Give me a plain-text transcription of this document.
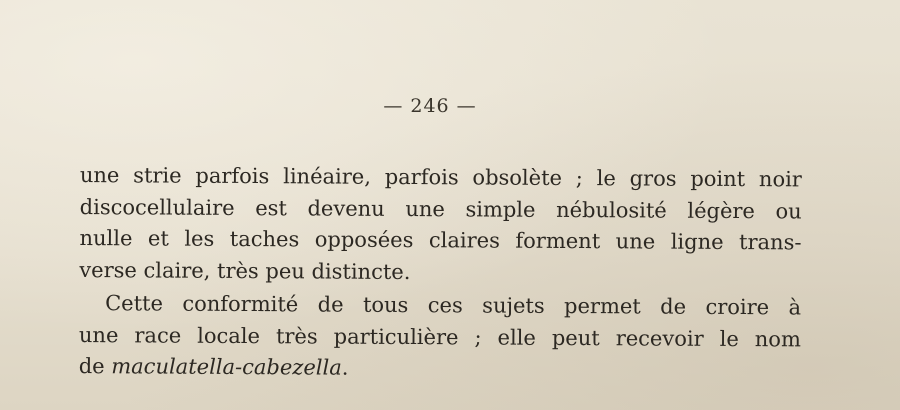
— 246 —
une strie parfois linéaire, parfois obsolète ; le gros point noir
discocellulaire est devenu une simple nébulosité légère ou
nulle et les taches opposées claires forment une ligne trans-
verse claire, très peu distincte.
Cette conformité de tous ces sujets permet de croire à
une race locale très particulière ; elle peut recevoir le nom
de maculatella-cabezella.
